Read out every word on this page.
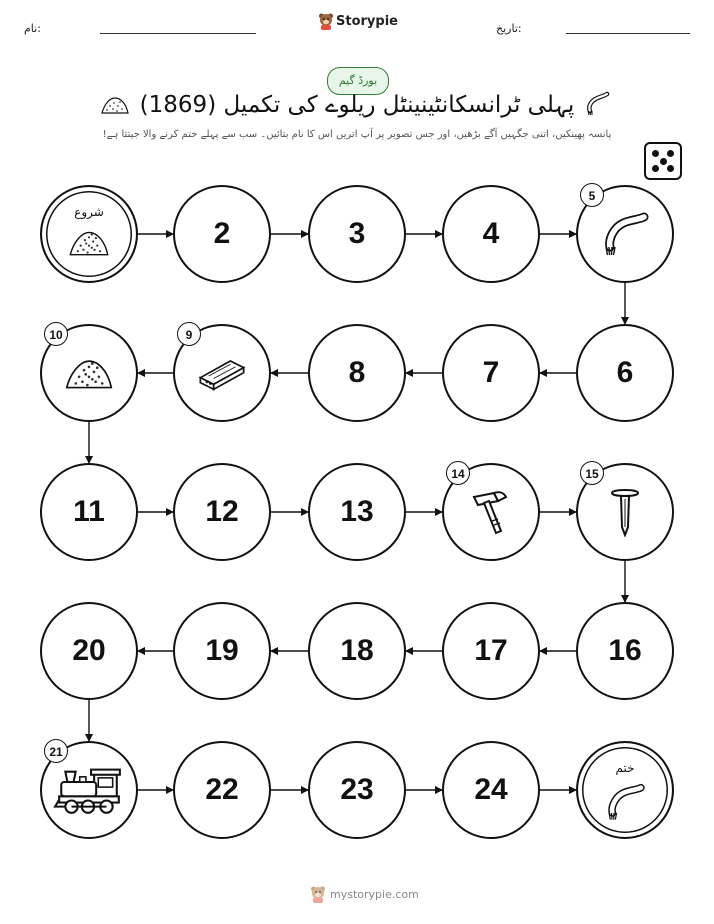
نام:	Storypie	تاریخ:
بورڈ گیم
پہلی ٹرانسکانٹینینٹل ریلوے کی تکمیل (1869)
پانسہ پھینکیں، اتنی جگہیں آگے بڑھیں، اور جس تصویر پر آپ اتریں اس کا نام بتائیں۔ سب سے پہلے ختم کرنے والا جیتتا ہے!
شروع
2	3	4
5
6
7
8
9
10
11	12	13
14	15
16
17
18
19
20
21
22	23	24
ختم
mystorypie.com
